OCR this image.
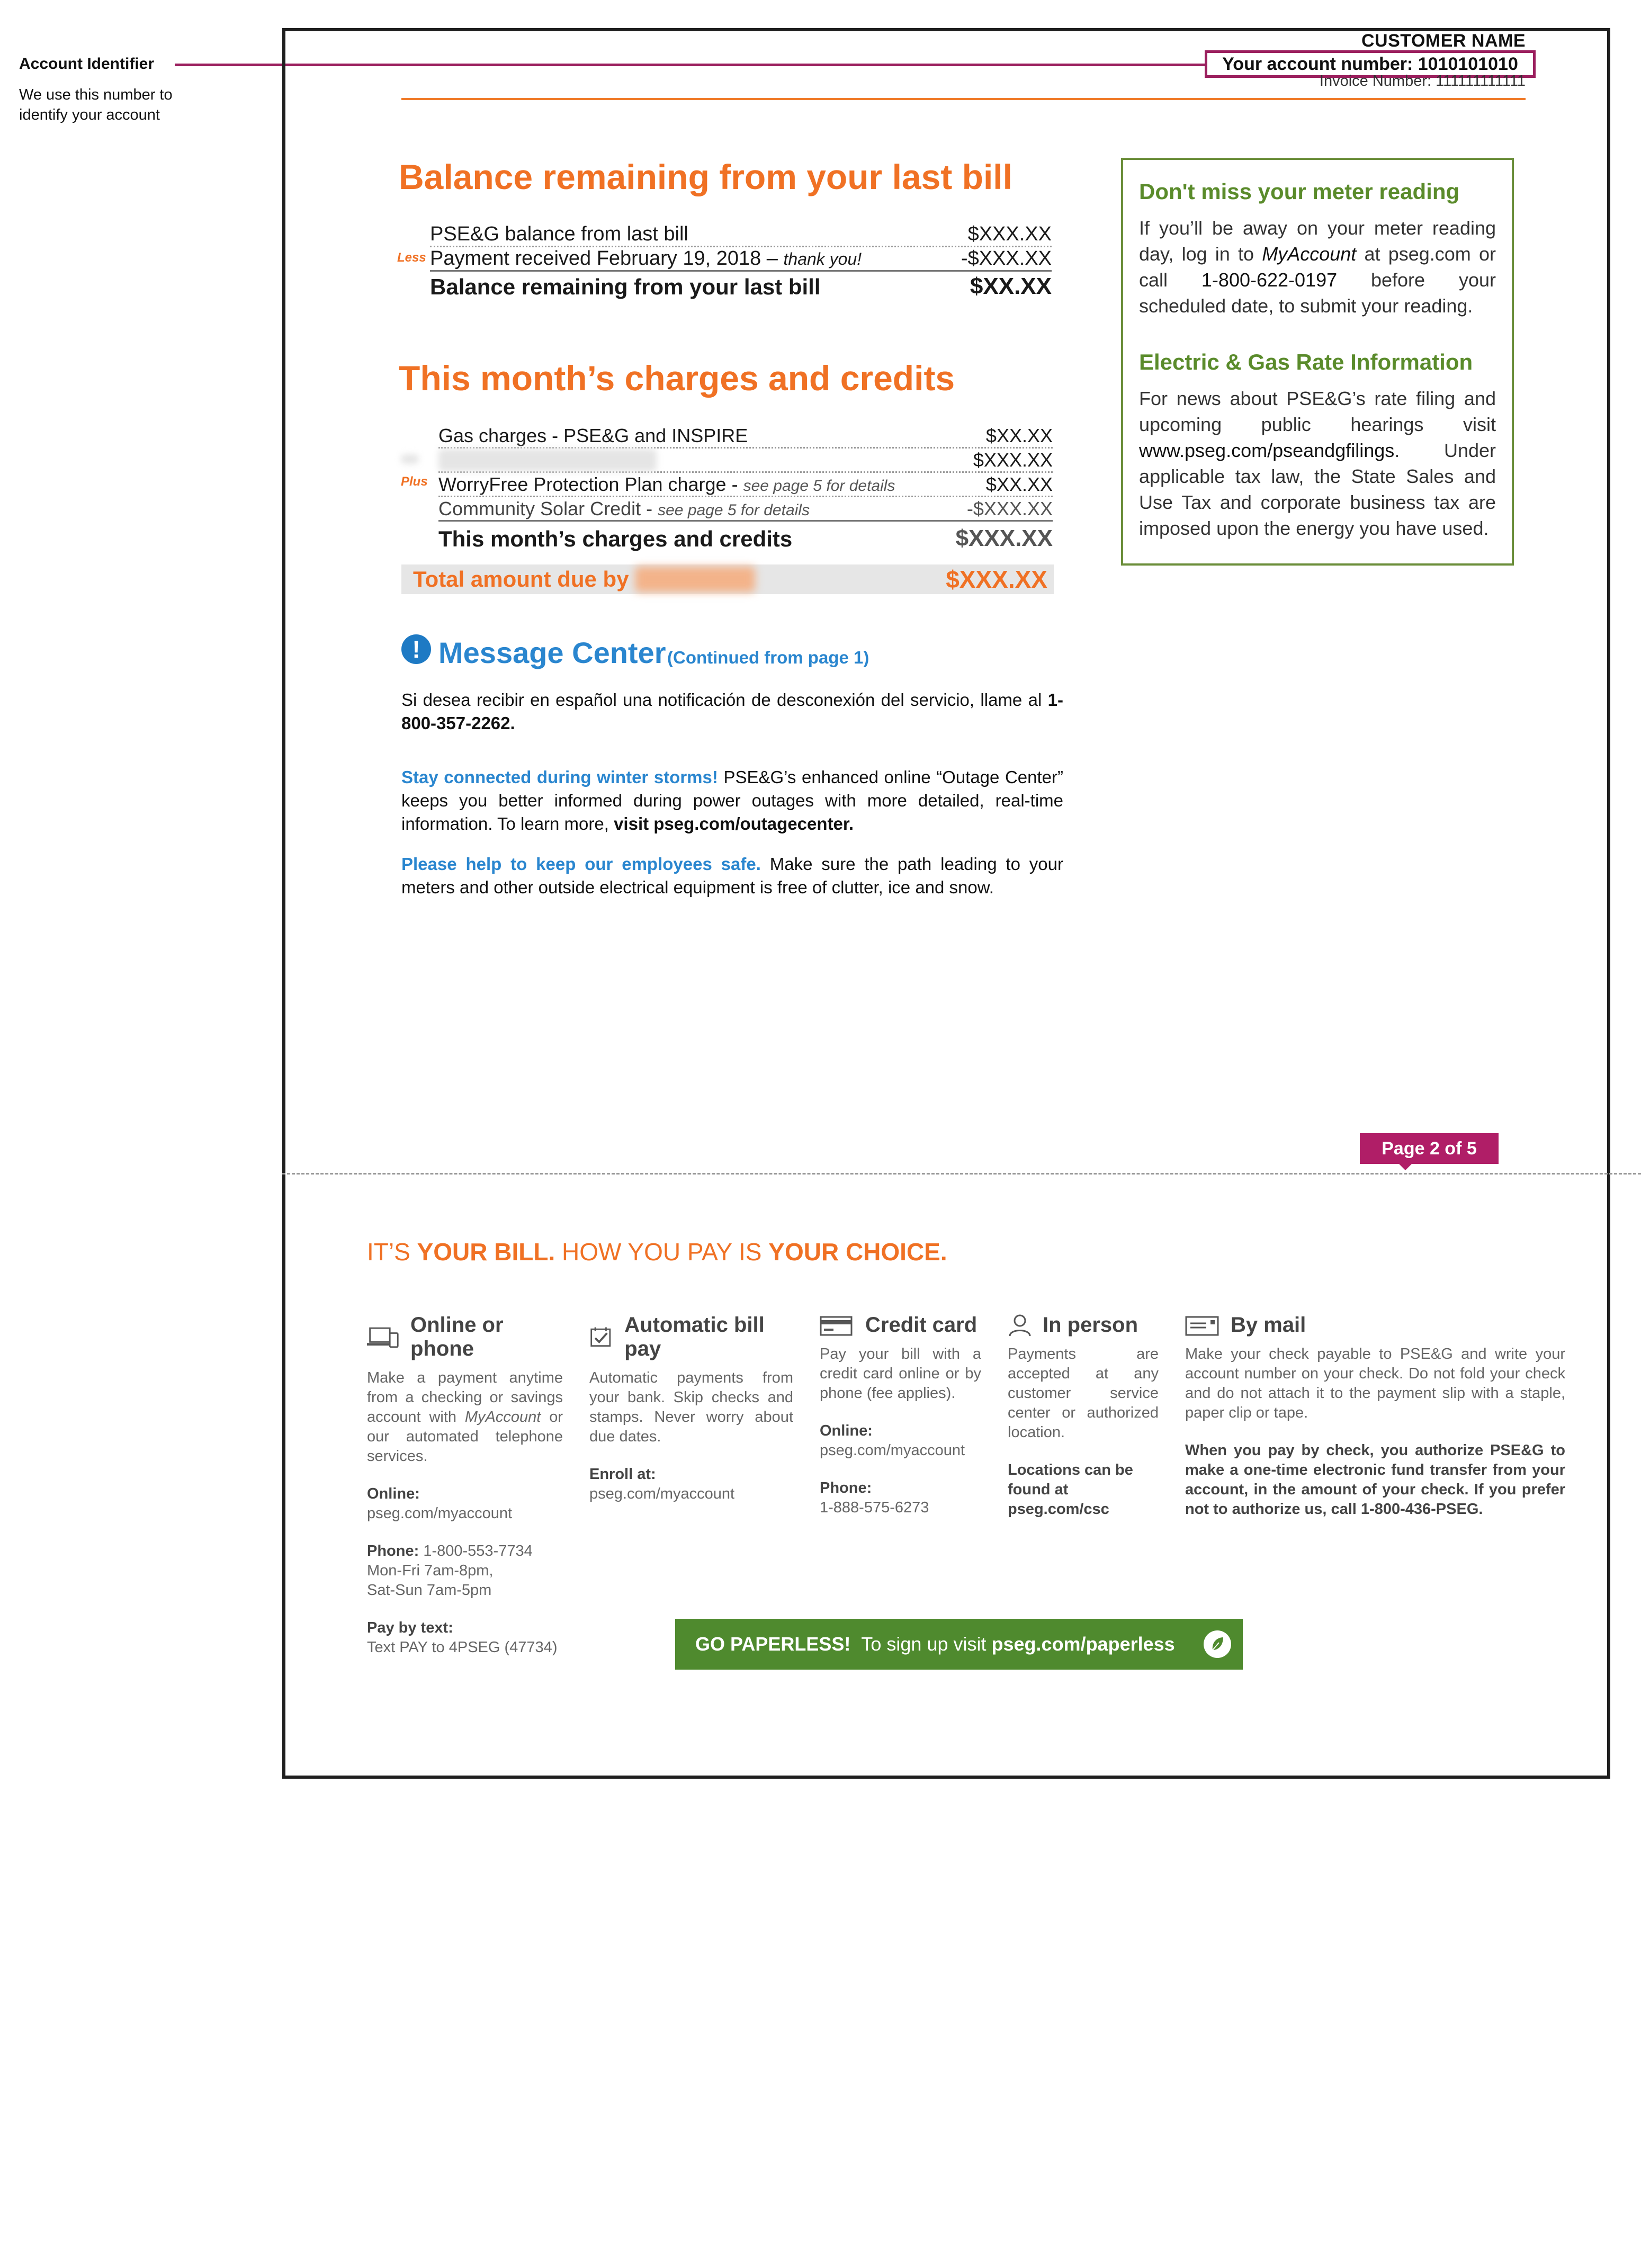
Account Identifier
We use this number to identify your account
CUSTOMER NAME
Your account number: 1010101010
Invoice Number: 111111111111
Balance remaining from your last bill
PSE&G balance from last bill	$XXX.XX
Less Payment received February 19, 2018 – thank you!	-$XXX.XX
Balance remaining from your last bill	$XX.XX
This month’s charges and credits
Gas charges - PSE&G and INSPIRE	$XX.XX
$XXX.XX
Plus WorryFree Protection Plan charge - see page 5 for details	$XX.XX
Community Solar Credit - see page 5 for details	-$XXX.XX
This month’s charges and credits	$XXX.XX
Total amount due by	$XXX.XX
Don't miss your meter reading

If you’ll be away on your meter reading day, log in to MyAccount at pseg.com or call 1-800-622-0197 before your scheduled date, to submit your reading.

Electric & Gas Rate Information

For news about PSE&G’s rate filing and upcoming public hearings visit www.pseg.com/pseandgfilings. Under applicable tax law, the State Sales and Use Tax and corporate business tax are imposed upon the energy you have used.

! Message Center (Continued from page 1)
Si desea recibir en español una notificación de desconexión del servicio, llame al 1-800-357-2262.
Stay connected during winter storms! PSE&G’s enhanced online “Outage Center” keeps you better informed during power outages with more detailed, real-time information. To learn more, visit pseg.com/outagecenter.
Please help to keep our employees safe. Make sure the path leading to your meters and other outside electrical equipment is free of clutter, ice and snow.
Page 2 of 5
IT’S YOUR BILL. HOW YOU PAY IS YOUR CHOICE.
Online or phone

Make a payment anytime from a checking or savings account with MyAccount or our automated telephone services.

Online:
pseg.com/myaccount

Phone: 1-800-553-7734
Mon-Fri 7am-8pm,
Sat-Sun 7am-5pm

Pay by text:
Text PAY to 4PSEG (47734)

Automatic bill pay

Automatic payments from your bank. Skip checks and stamps. Never worry about due dates.

Enroll at:
pseg.com/myaccount

Credit card

Pay your bill with a credit card online or by phone (fee applies).

Online:
pseg.com/myaccount

Phone:
1-888-575-6273

In person

Payments are accepted at any customer service center or authorized location.

Locations can be found at pseg.com/csc

By mail

Make your check payable to PSE&G and write your account number on your check. Do not fold your check and do not attach it to the payment slip with a staple, paper clip or tape.

When you pay by check, you authorize PSE&G to make a one-time electronic fund transfer from your account, in the amount of your check. If you prefer not to authorize us, call 1-800-436-PSEG.

GO PAPERLESS! To sign up visit pseg.com/paperless
